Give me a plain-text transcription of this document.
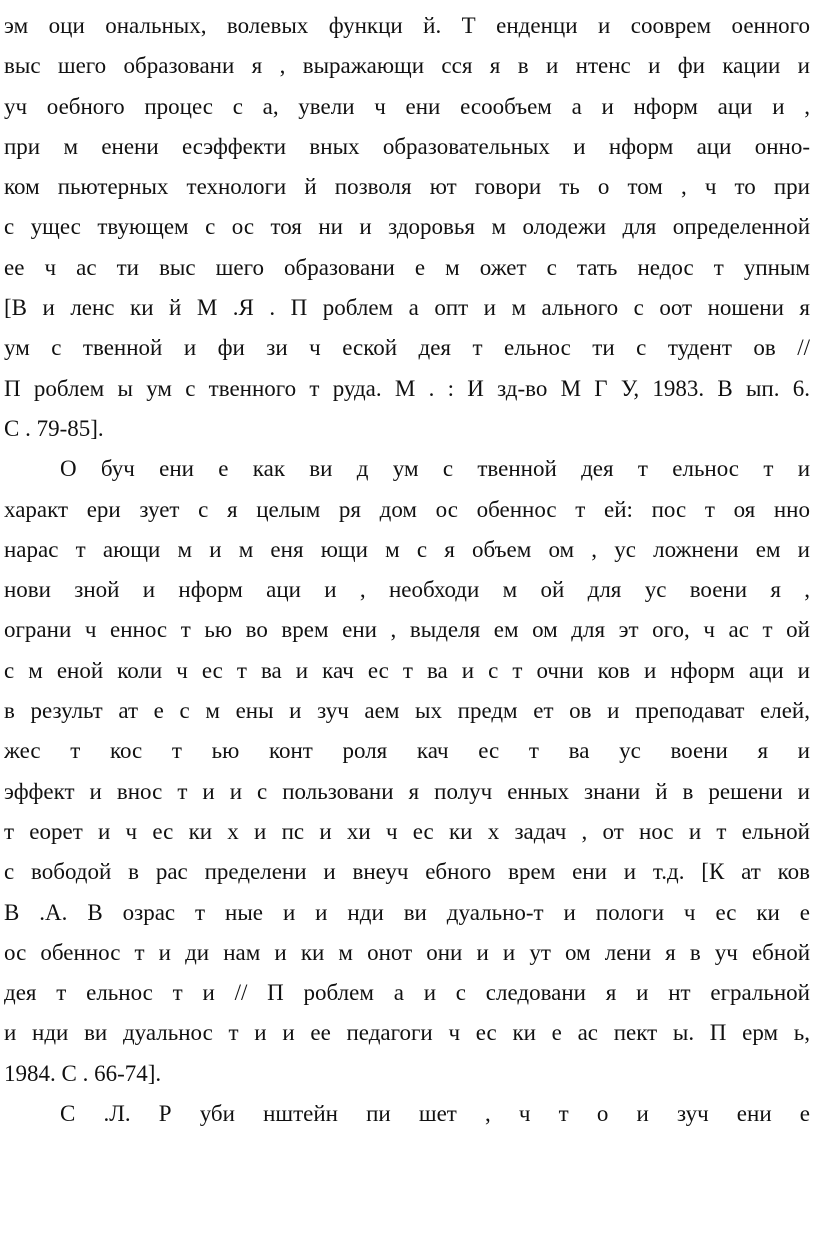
эм оци ональных, волевых функци й. Т енденци и сооврем оенного
выс шего образовани я , выражающи сся я в и нтенс и фи кации и
уч оебного процес с а, увели ч ени есообъем а и нформ аци и ,
при м енени есэффекти вных образовательных и нформ аци онно-
ком пьютерных технологи й позволя ют говори ть о том , ч то при
с ущес твующем с ос тоя ни и здоровья м олодежи для определенной
ее ч ас ти выс шего образовани е м ожет с тать недос т упным
[В и ленс ки й М .Я . П роблем а опт и м ального с оот ношени я
ум с твенной и фи зи ч еской дея т ельнос ти с тудент ов //
П роблем ы ум с твенного т руда. М . : И зд-во М Г У, 1983. В ып. 6.
С . 79-85].
О буч ени е как ви д ум с твенной дея т ельнос т и
характ ери зует с я целым ря дом ос обеннос т ей: пос т оя нно
нарас т ающи м и м еня ющи м с я объем ом , ус ложнени ем и
нови зной и нформ аци и , необходи м ой для ус воени я ,
ограни ч еннос т ью во врем ени , выделя ем ом для эт ого, ч ас т ой
с м еной коли ч ес т ва и кач ес т ва и с т очни ков и нформ аци и
в результ ат е с м ены и зуч аем ых предм ет ов и преподават елей,
жес т кос т ью конт роля кач ес т ва ус воени я и
эффект и внос т и и с пользовани я получ енных знани й в решени и
т еорет и ч ес ки х и пс и хи ч ес ки х задач , от нос и т ельной
с вободой в рас пределени и внеуч ебного врем ени и т.д. [К ат ков
В .А. В озрас т ные и и нди ви дуально-т и пологи ч ес ки е
ос обеннос т и ди нам и ки м онот они и и ут ом лени я в уч ебной
дея т ельнос т и // П роблем а и с следовани я и нт егральной
и нди ви дуальнос т и и ее педагоги ч ес ки е ас пект ы. П ерм ь,
1984. С . 66-74].
С .Л. Р уби нштейн пи шет , ч т о и зуч ени е
